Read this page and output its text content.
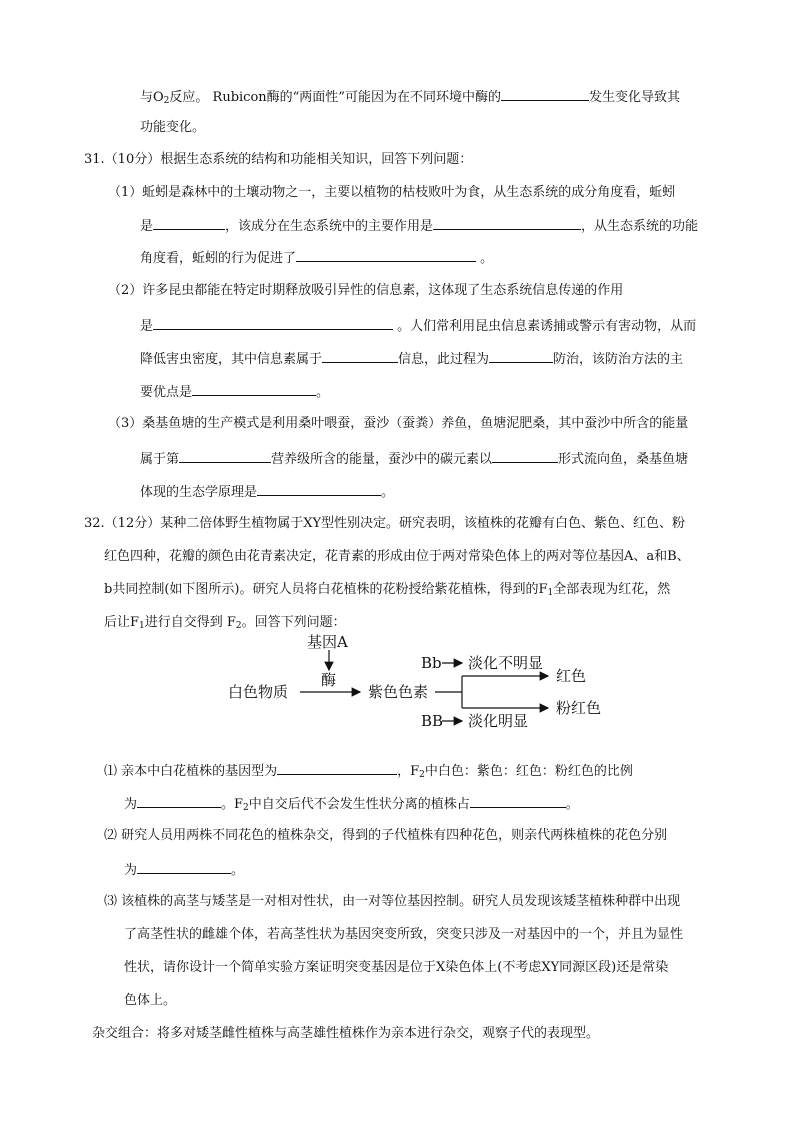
与$O_2$反应。 Rubicon酶的“两面性”可能因为在不同环境中酶的	发生变化导致其
功能变化。
31.（10分）根据生态系统的结构和功能相关知识，回答下列问题：
（1）蚯蚓是森林中的土壤动物之一，主要以植物的枯枝败叶为食，从生态系统的成分角度看，蚯蚓
是	，该成分在生态系统中的主要作用是	，从生态系统的功能
角度看，蚯蚓的行为促进了	。
（2）许多昆虫都能在特定时期释放吸引异性的信息素，这体现了生态系统信息传递的作用
是	。人们常利用昆虫信息素诱捕或警示有害动物，从而
降低害虫密度，其中信息素属于	信息，此过程为	防治，该防治方法的主
要优点是	。
（3）桑基鱼塘的生产模式是利用桑叶喂蚕，蚕沙（蚕粪）养鱼，鱼塘泥肥桑，其中蚕沙中所含的能量
属于第	营养级所含的能量，蚕沙中的碳元素以	形式流向鱼，桑基鱼塘
体现的生态学原理是	。
32.（12分）某种二倍体野生植物属于XY型性别决定。研究表明，该植株的花瓣有白色、紫色、红色、粉
红色四种，花瓣的颜色由花青素决定，花青素的形成由位于两对常染色体上的两对等位基因A、a和B、
b共同控制(如下图所示)。研究人员将白花植株的花粉授给紫花植株，得到的$F_1$全部表现为红花，然
后让$F_1$进行自交得到 $F_2$。回答下列问题：
基因A
酶
白色物质	紫色色素
Bb 淡化不明显
BB 淡化明显
红色
粉红色
⑴ 亲本中白花植株的基因型为	，$F_2$中白色：紫色：红色：粉红色的比例
为	。$F_2$中自交后代不会发生性状分离的植株占	。
⑵ 研究人员用两株不同花色的植株杂交，得到的子代植株有四种花色，则亲代两株植株的花色分别
为	。
⑶ 该植株的高茎与矮茎是一对相对性状，由一对等位基因控制。研究人员发现该矮茎植株种群中出现
了高茎性状的雌雄个体，若高茎性状为基因突变所致，突变只涉及一对基因中的一个，并且为显性
性状，请你设计一个简单实验方案证明突变基因是位于X染色体上(不考虑XY同源区段)还是常染
色体上。
杂交组合：将多对矮茎雌性植株与高茎雄性植株作为亲本进行杂交，观察子代的表现型。
